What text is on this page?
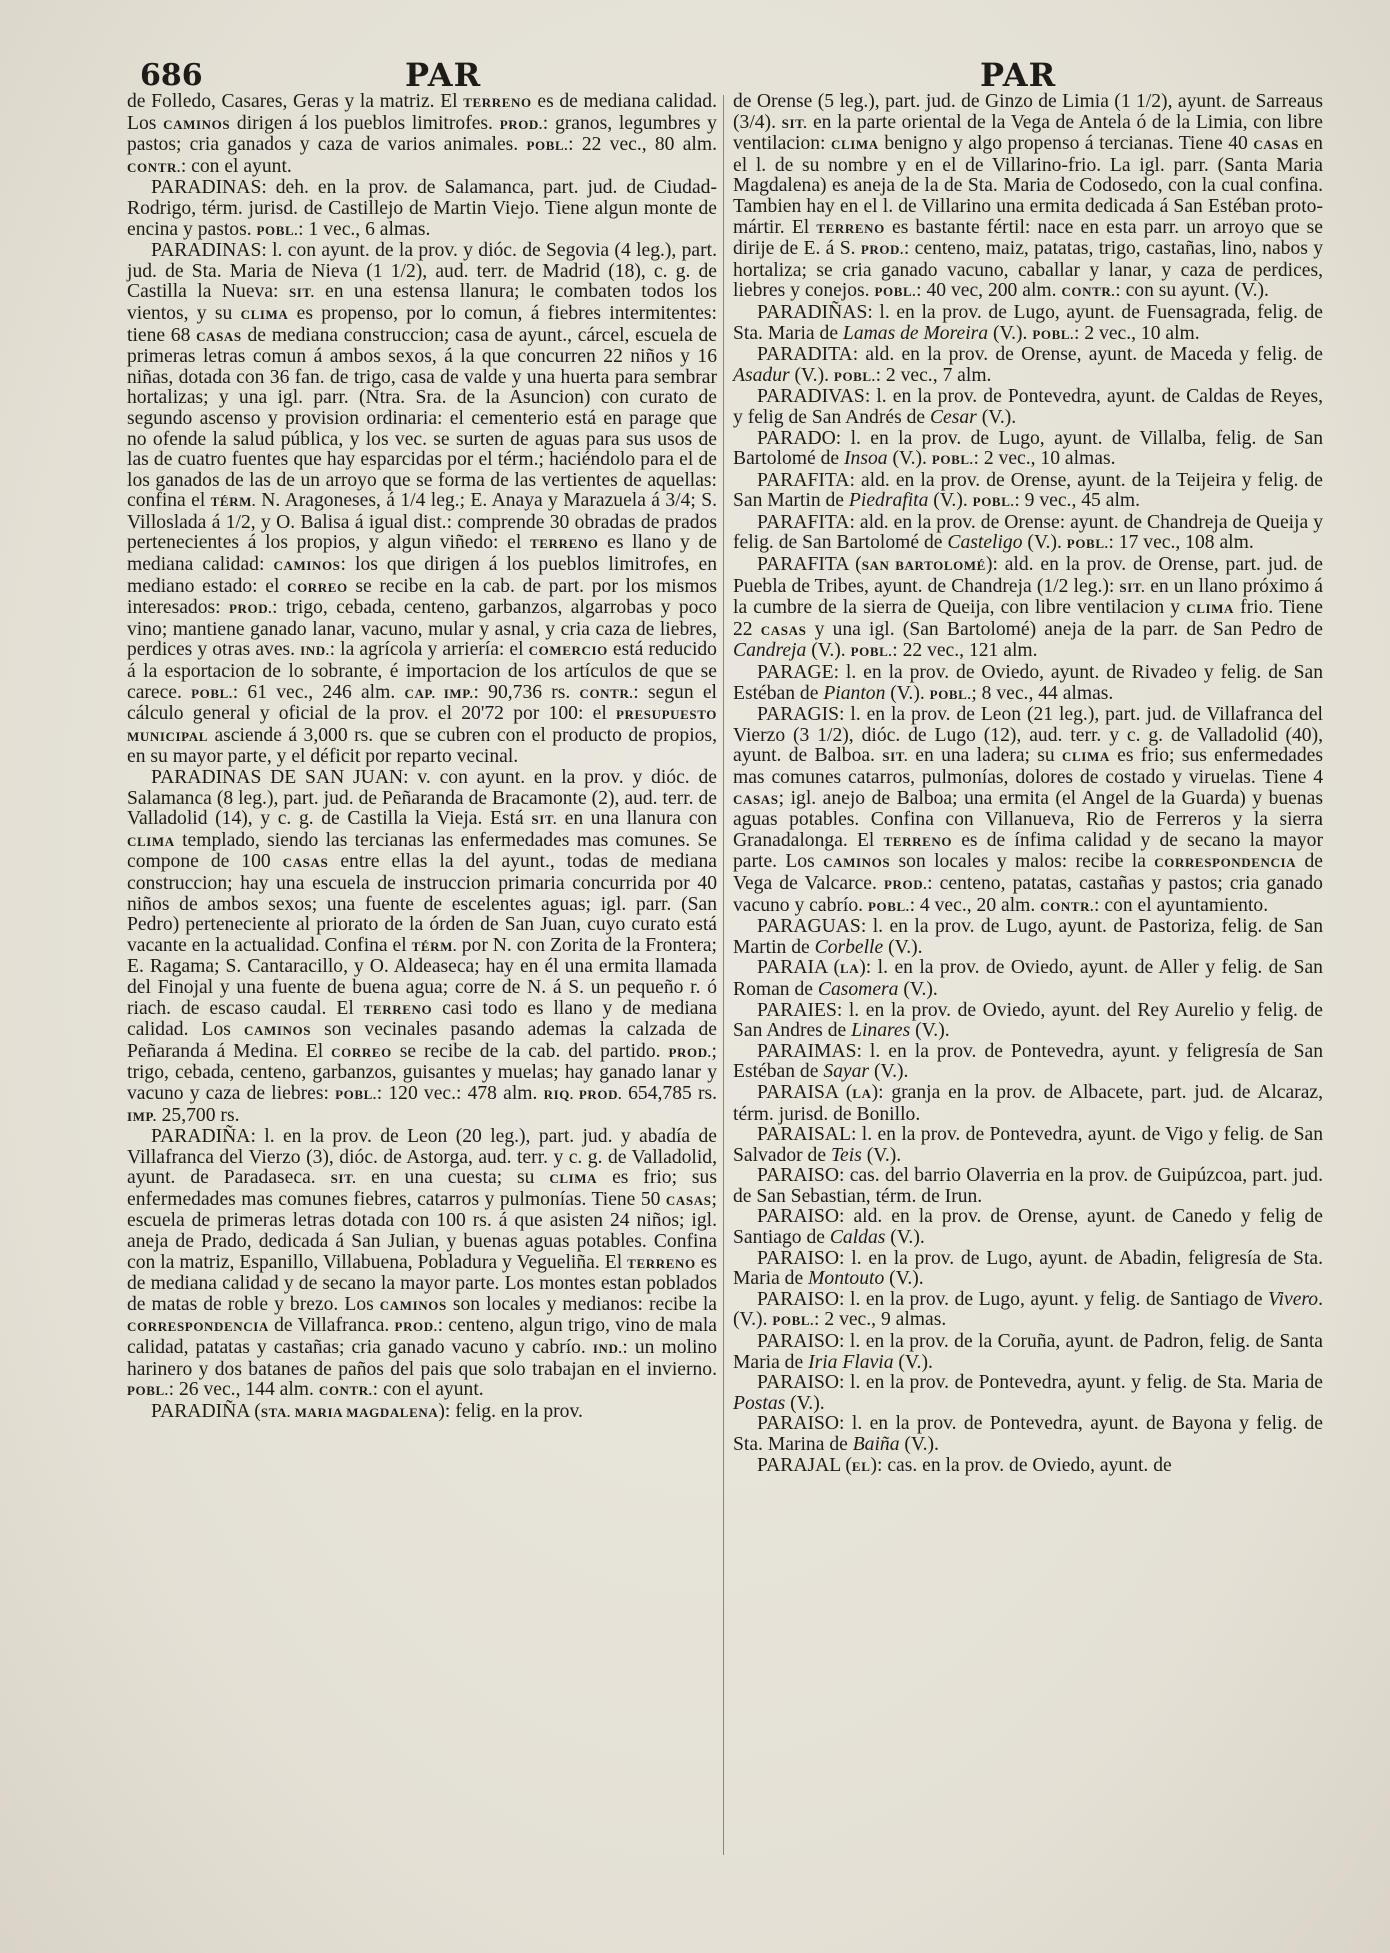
686	PAR	PAR

de Folledo, Casares, Geras y la matriz. El TERRENO es de mediana calidad. Los CAMINOS dirigen á los pueblos limitrofes. PROD.: granos, legumbres y pastos; cria ganados y caza de varios animales. POBL.: 22 vec., 80 alm. CONTR.: con el ayunt.

PARADINAS: deh. en la prov. de Salamanca, part. jud. de Ciudad-Rodrigo, térm. jurisd. de Castillejo de Martin Viejo. Tiene algun monte de encina y pastos. POBL.: 1 vec., 6 almas.

PARADINAS: l. con ayunt. de la prov. y dióc. de Segovia (4 leg.), part. jud. de Sta. Maria de Nieva (1 1/2), aud. terr. de Madrid (18), c. g. de Castilla la Nueva: SIT. en una estensa llanura; le combaten todos los vientos, y su CLIMA es propenso, por lo comun, á fiebres intermitentes: tiene 68 CASAS de mediana construccion; casa de ayunt., cárcel, escuela de primeras letras comun á ambos sexos, á la que concurren 22 niños y 16 niñas, dotada con 36 fan. de trigo, casa de valde y una huerta para sembrar hortalizas; y una igl. parr. (Ntra. Sra. de la Asuncion) con curato de segundo ascenso y provision ordinaria: el cementerio está en parage que no ofende la salud pública, y los vec. se surten de aguas para sus usos de las de cuatro fuentes que hay esparcidas por el térm.; haciéndolo para el de los ganados de las de un arroyo que se forma de las vertientes de aquellas: confina el TÉRM. N. Aragoneses, á 1/4 leg.; E. Anaya y Marazuela á 3/4; S. Villoslada á 1/2, y O. Balisa á igual dist.: comprende 30 obradas de prados pertenecientes á los propios, y algun viñedo: el TERRENO es llano y de mediana calidad: CAMINOS: los que dirigen á los pueblos limitrofes, en mediano estado: el CORREO se recibe en la cab. de part. por los mismos interesados: PROD.: trigo, cebada, centeno, garbanzos, algarrobas y poco vino; mantiene ganado lanar, vacuno, mular y asnal, y cria caza de liebres, perdices y otras aves. IND.: la agrícola y arriería: el COMERCIO está reducido á la esportacion de lo sobrante, é importacion de los artículos de que se carece. POBL.: 61 vec., 246 alm. CAP. IMP.: 90,736 rs. CONTR.: segun el cálculo general y oficial de la prov. el 20'72 por 100: el PRESUPUESTO MUNICIPAL asciende á 3,000 rs. que se cubren con el producto de propios, en su mayor parte, y el déficit por reparto vecinal.

PARADINAS DE SAN JUAN: v. con ayunt. en la prov. y dióc. de Salamanca (8 leg.), part. jud. de Peñaranda de Bracamonte (2), aud. terr. de Valladolid (14), y c. g. de Castilla la Vieja. Está SIT. en una llanura con CLIMA templado, siendo las tercianas las enfermedades mas comunes. Se compone de 100 CASAS entre ellas la del ayunt., todas de mediana construccion; hay una escuela de instruccion primaria concurrida por 40 niños de ambos sexos; una fuente de escelentes aguas; igl. parr. (San Pedro) perteneciente al priorato de la órden de San Juan, cuyo curato está vacante en la actualidad. Confina el TÉRM. por N. con Zorita de la Frontera; E. Ragama; S. Cantaracillo, y O. Aldeaseca; hay en él una ermita llamada del Finojal y una fuente de buena agua; corre de N. á S. un pequeño r. ó riach. de escaso caudal. El TERRENO casi todo es llano y de mediana calidad. Los CAMINOS son vecinales pasando ademas la calzada de Peñaranda á Medina. El CORREO se recibe de la cab. del partido. PROD.; trigo, cebada, centeno, garbanzos, guisantes y muelas; hay ganado lanar y vacuno y caza de liebres: POBL.: 120 vec.: 478 alm. RIQ. PROD. 654,785 rs. IMP. 25,700 rs.

PARADIÑA: l. en la prov. de Leon (20 leg.), part. jud. y abadía de Villafranca del Vierzo (3), dióc. de Astorga, aud. terr. y c. g. de Valladolid, ayunt. de Paradaseca. SIT. en una cuesta; su CLIMA es frio; sus enfermedades mas comunes fiebres, catarros y pulmonías. Tiene 50 CASAS; escuela de primeras letras dotada con 100 rs. á que asisten 24 niños; igl. aneja de Prado, dedicada á San Julian, y buenas aguas potables. Confina con la matriz, Espanillo, Villabuena, Pobladura y Vegueliña. El TERRENO es de mediana calidad y de secano la mayor parte. Los montes estan poblados de matas de roble y brezo. Los CAMINOS son locales y medianos: recibe la CORRESPONDENCIA de Villafranca. PROD.: centeno, algun trigo, vino de mala calidad, patatas y castañas; cria ganado vacuno y cabrío. IND.: un molino harinero y dos batanes de paños del pais que solo trabajan en el invierno. POBL.: 26 vec., 144 alm. CONTR.: con el ayunt.

PARADIÑA (STA. MARIA MAGDALENA): felig. en la prov.

de Orense (5 leg.), part. jud. de Ginzo de Limia (1 1/2), ayunt. de Sarreaus (3/4). SIT. en la parte oriental de la Vega de Antela ó de la Limia, con libre ventilacion: CLIMA benigno y algo propenso á tercianas. Tiene 40 CASAS en el l. de su nombre y en el de Villarino-frio. La igl. parr. (Santa Maria Magdalena) es aneja de la de Sta. Maria de Codosedo, con la cual confina. Tambien hay en el l. de Villarino una ermita dedicada á San Estéban proto-mártir. El TERRENO es bastante fértil: nace en esta parr. un arroyo que se dirije de E. á S. PROD.: centeno, maiz, patatas, trigo, castañas, lino, nabos y hortaliza; se cria ganado vacuno, caballar y lanar, y caza de perdices, liebres y conejos. POBL.: 40 vec, 200 alm. CONTR.: con su ayunt. (V.).

PARADIÑAS: l. en la prov. de Lugo, ayunt. de Fuensagrada, felig. de Sta. Maria de Lamas de Moreira (V.). POBL.: 2 vec., 10 alm.

PARADITA: ald. en la prov. de Orense, ayunt. de Maceda y felig. de Asadur (V.). POBL.: 2 vec., 7 alm.

PARADIVAS: l. en la prov. de Pontevedra, ayunt. de Caldas de Reyes, y felig de San Andrés de Cesar (V.).

PARADO: l. en la prov. de Lugo, ayunt. de Villalba, felig. de San Bartolomé de Insoa (V.). POBL.: 2 vec., 10 almas.

PARAFITA: ald. en la prov. de Orense, ayunt. de la Teijeira y felig. de San Martin de Piedrafita (V.). POBL.: 9 vec., 45 alm.

PARAFITA: ald. en la prov. de Orense: ayunt. de Chandreja de Queija y felig. de San Bartolomé de Casteligo (V.). POBL.: 17 vec., 108 alm.

PARAFITA (SAN BARTOLOMÉ): ald. en la prov. de Orense, part. jud. de Puebla de Tribes, ayunt. de Chandreja (1/2 leg.): SIT. en un llano próximo á la cumbre de la sierra de Queija, con libre ventilacion y CLIMA frio. Tiene 22 CASAS y una igl. (San Bartolomé) aneja de la parr. de San Pedro de Candreja (V.). POBL.: 22 vec., 121 alm.

PARAGE: l. en la prov. de Oviedo, ayunt. de Rivadeo y felig. de San Estéban de Pianton (V.). POBL.; 8 vec., 44 almas.

PARAGIS: l. en la prov. de Leon (21 leg.), part. jud. de Villafranca del Vierzo (3 1/2), dióc. de Lugo (12), aud. terr. y c. g. de Valladolid (40), ayunt. de Balboa. SIT. en una ladera; su CLIMA es frio; sus enfermedades mas comunes catarros, pulmonías, dolores de costado y viruelas. Tiene 4 CASAS; igl. anejo de Balboa; una ermita (el Angel de la Guarda) y buenas aguas potables. Confina con Villanueva, Rio de Ferreros y la sierra Granadalonga. El TERRENO es de ínfima calidad y de secano la mayor parte. Los CAMINOS son locales y malos: recibe la CORRESPONDENCIA de Vega de Valcarce. PROD.: centeno, patatas, castañas y pastos; cria ganado vacuno y cabrío. POBL.: 4 vec., 20 alm. CONTR.: con el ayuntamiento.

PARAGUAS: l. en la prov. de Lugo, ayunt. de Pastoriza, felig. de San Martin de Corbelle (V.).

PARAIA (LA): l. en la prov. de Oviedo, ayunt. de Aller y felig. de San Roman de Casomera (V.).

PARAIES: l. en la prov. de Oviedo, ayunt. del Rey Aurelio y felig. de San Andres de Linares (V.).

PARAIMAS: l. en la prov. de Pontevedra, ayunt. y feligresía de San Estéban de Sayar (V.).

PARAISA (LA): granja en la prov. de Albacete, part. jud. de Alcaraz, térm. jurisd. de Bonillo.

PARAISAL: l. en la prov. de Pontevedra, ayunt. de Vigo y felig. de San Salvador de Teis (V.).

PARAISO: cas. del barrio Olaverria en la prov. de Guipúzcoa, part. jud. de San Sebastian, térm. de Irun.

PARAISO: ald. en la prov. de Orense, ayunt. de Canedo y felig de Santiago de Caldas (V.).

PARAISO: l. en la prov. de Lugo, ayunt. de Abadin, feligresía de Sta. Maria de Montouto (V.).

PARAISO: l. en la prov. de Lugo, ayunt. y felig. de Santiago de Vivero. (V.). POBL.: 2 vec., 9 almas.

PARAISO: l. en la prov. de la Coruña, ayunt. de Padron, felig. de Santa Maria de Iria Flavia (V.).

PARAISO: l. en la prov. de Pontevedra, ayunt. y felig. de Sta. Maria de Postas (V.).

PARAISO: l. en la prov. de Pontevedra, ayunt. de Bayona y felig. de Sta. Marina de Baiña (V.).

PARAJAL (EL): cas. en la prov. de Oviedo, ayunt. de
